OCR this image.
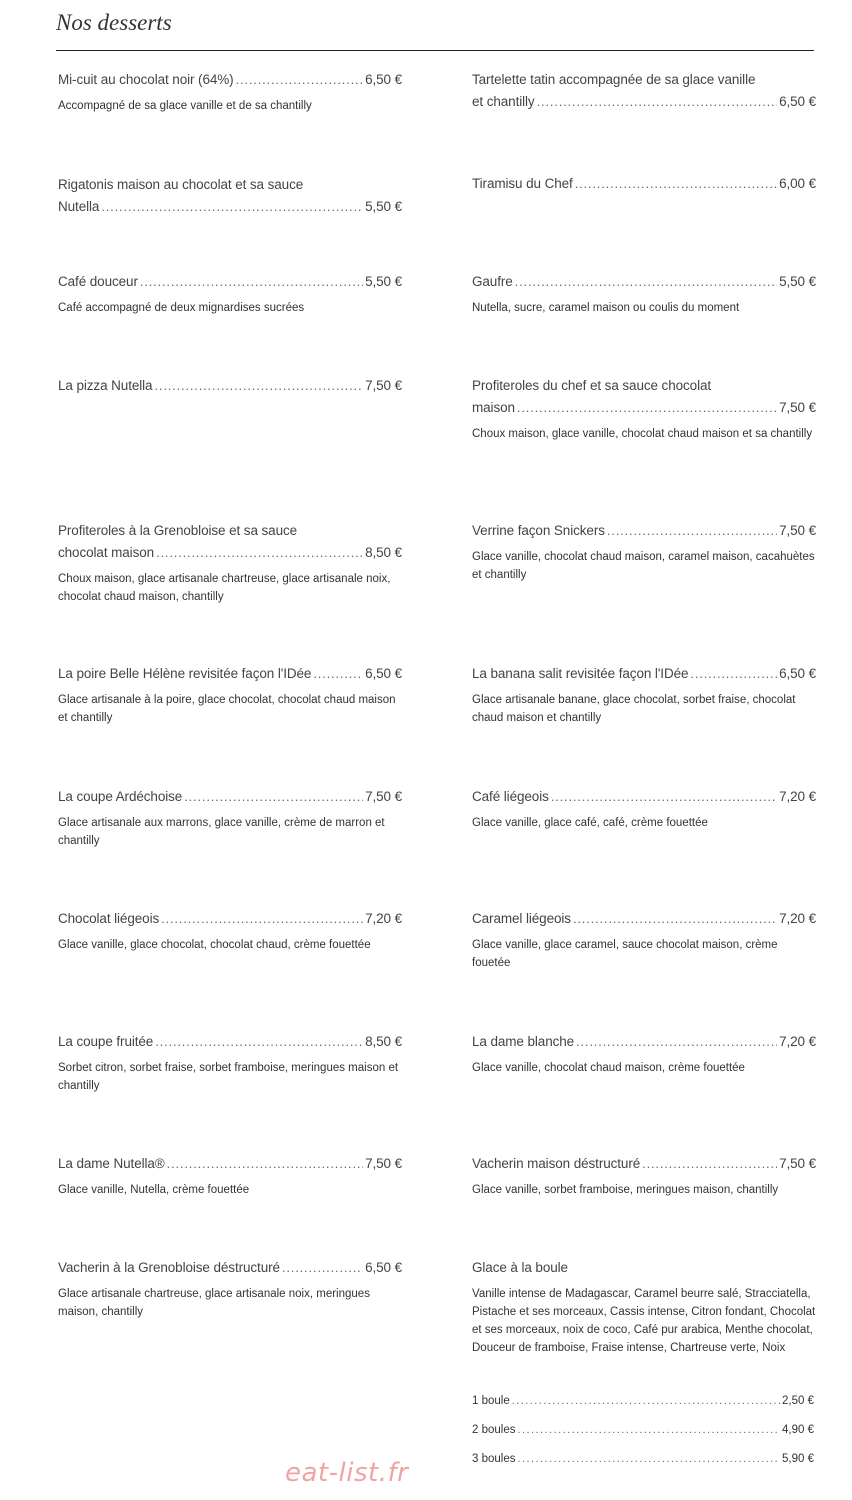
Nos desserts
Mi-cuit au chocolat noir (64%) . . .	6,50 €
Accompagné de sa glace vanille et de sa chantilly
Rigatonis maison au chocolat et sa sauce
Nutella . . .	5,50 €
Café douceur . . .	5,50 €
Café accompagné de deux mignardises sucrées
La pizza Nutella . . .	7,50 €
Profiteroles à la Grenobloise et sa sauce
chocolat maison . . .	8,50 €
Choux maison, glace artisanale chartreuse, glace artisanale noix, chocolat chaud maison, chantilly
La poire Belle Hélène revisitée façon l'IDée . . .	6,50 €
Glace artisanale à la poire, glace chocolat, chocolat chaud maison et chantilly
La coupe Ardéchoise . . .	7,50 €
Glace artisanale aux marrons, glace vanille, crème de marron et chantilly
Chocolat liégeois . . .	7,20 €
Glace vanille, glace chocolat, chocolat chaud, crème fouettée
La coupe fruitée . . .	8,50 €
Sorbet citron, sorbet fraise, sorbet framboise, meringues maison et chantilly
La dame Nutella® . . .	7,50 €
Glace vanille, Nutella, crème fouettée
Vacherin à la Grenobloise déstructuré . . .	6,50 €
Glace artisanale chartreuse, glace artisanale noix, meringues maison, chantilly
Tartelette tatin accompagnée de sa glace vanille
et chantilly . . .	6,50 €
Tiramisu du Chef . . .	6,00 €
Gaufre . . .	5,50 €
Nutella, sucre, caramel maison ou coulis du moment
Profiteroles du chef et sa sauce chocolat
maison . . .	7,50 €
Choux maison, glace vanille, chocolat chaud maison et sa chantilly
Verrine façon Snickers . . .	7,50 €
Glace vanille, chocolat chaud maison, caramel maison, cacahuètes et chantilly
La banana salit revisitée façon l'IDée . . .	6,50 €
Glace artisanale banane, glace chocolat, sorbet fraise, chocolat chaud maison et chantilly
Café liégeois . . .	7,20 €
Glace vanille, glace café, café, crème fouettée
Caramel liégeois . . .	7,20 €
Glace vanille, glace caramel, sauce chocolat maison, crème fouetée
La dame blanche . . .	7,20 €
Glace vanille, chocolat chaud maison, crème fouettée
Vacherin maison déstructuré . . .	7,50 €
Glace vanille, sorbet framboise, meringues maison, chantilly
Glace à la boule
Vanille intense de Madagascar, Caramel beurre salé, Stracciatella, Pistache et ses morceaux, Cassis intense, Citron fondant, Chocolat et ses morceaux, noix de coco, Café pur arabica, Menthe chocolat, Douceur de framboise, Fraise intense, Chartreuse verte, Noix
1 boule . . .	2,50 €
2 boules . . .	4,90 €
3 boules . . .	5,90 €
eat-list.fr
